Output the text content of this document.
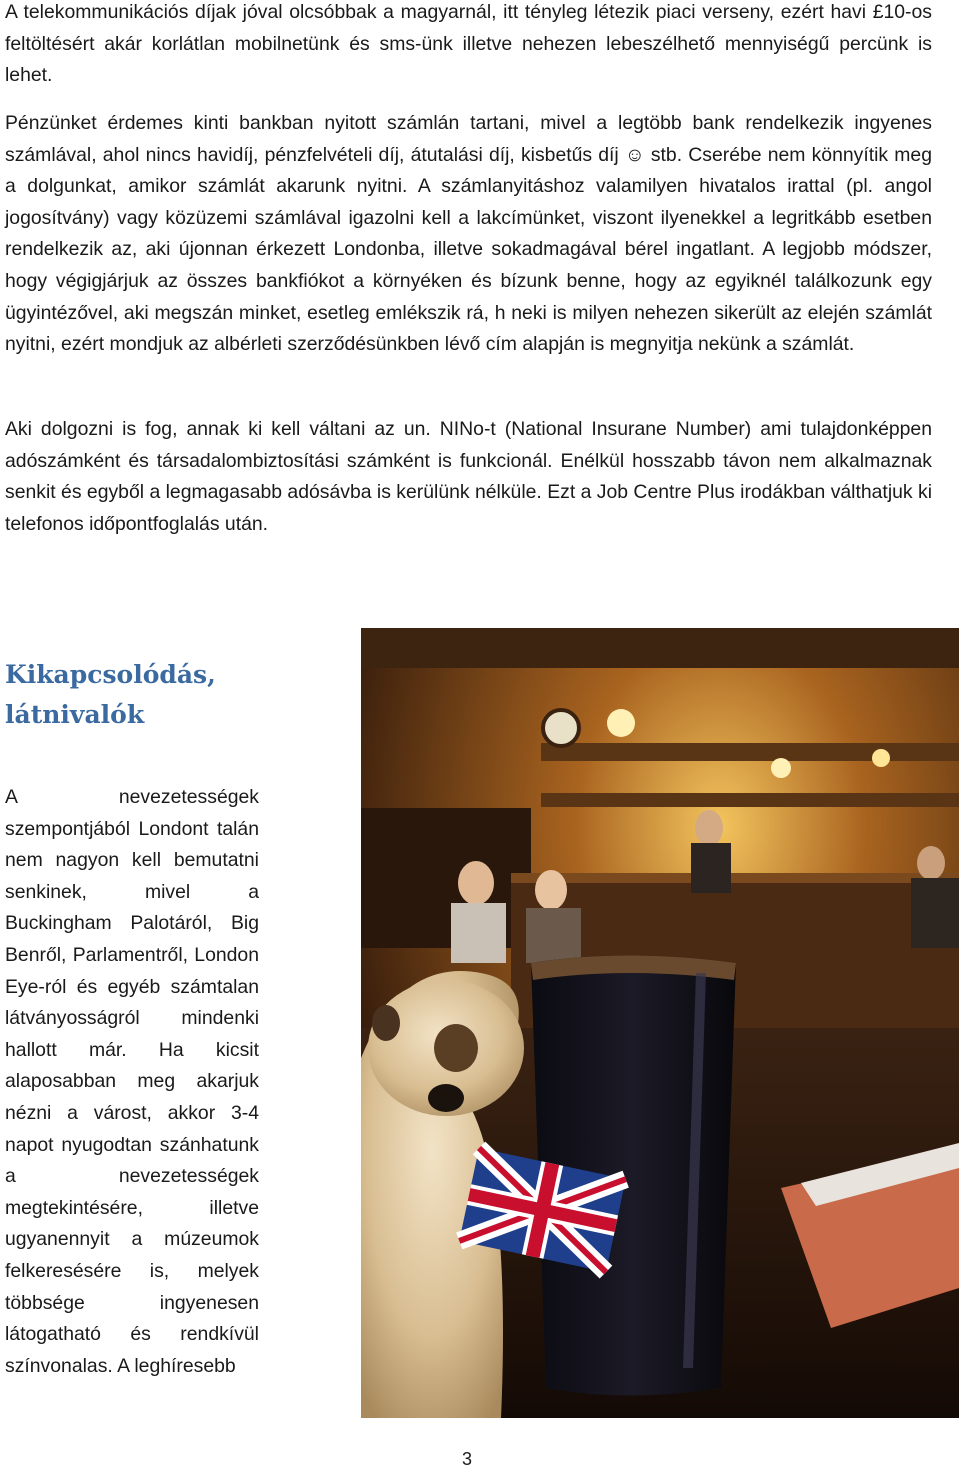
A telekommunikációs díjak jóval olcsóbbak a magyarnál, itt tényleg létezik piaci verseny, ezért havi £10-os feltöltésért akár korlátlan mobilnetünk és sms-ünk illetve nehezen lebeszélhető mennyiségű percünk is lehet.

Pénzünket érdemes kinti bankban nyitott számlán tartani, mivel a legtöbb bank rendelkezik ingyenes számlával, ahol nincs havidíj, pénzfelvételi díj, átutalási díj, kisbetűs díj ☺ stb. Cserébe nem könnyítik meg a dolgunkat, amikor számlát akarunk nyitni. A számlanyitáshoz valamilyen hivatalos irattal (pl. angol jogosítvány) vagy közüzemi számlával igazolni kell a lakcímünket, viszont ilyenekkel a legritkább esetben rendelkezik az, aki újonnan érkezett Londonba, illetve sokadmagával bérel ingatlant. A legjobb módszer, hogy végigjárjuk az összes bankfiókot a környéken és bízunk benne, hogy az egyiknél találkozunk egy ügyintézővel, aki megszán minket, esetleg emlékszik rá, h neki is milyen nehezen sikerült az elején számlát nyitni, ezért mondjuk az albérleti szerződésünkben lévő cím alapján is megnyitja nekünk a számlát.

Aki dolgozni is fog, annak ki kell váltani az un. NINo-t (National Insurane Number) ami tulajdonképpen adószámként és társadalombiztosítási számként is funkcionál. Enélkül hosszabb távon nem alkalmaznak senkit és egyből a legmagasabb adósávba is kerülünk nélküle. Ezt a Job Centre Plus irodákban válthatjuk ki telefonos időpontfoglalás után.

Kikapcsolódás, látnivalók

A nevezetességek szempontjából Londont talán nem nagyon kell bemutatni senkinek, mivel a Buckingham Palotáról, Big Benről, Parlamentről, London Eye-ról és egyéb számtalan látványosságról mindenki hallott már. Ha kicsit alaposabban meg akarjuk nézni a várost, akkor 3-4 napot nyugodtan szánhatunk a nevezetességek megtekintésére, illetve ugyanennyit a múzeumok felkeresésére is, melyek többsége ingyenesen látogatható és rendkívül színvonalas. A leghíresebb

3
